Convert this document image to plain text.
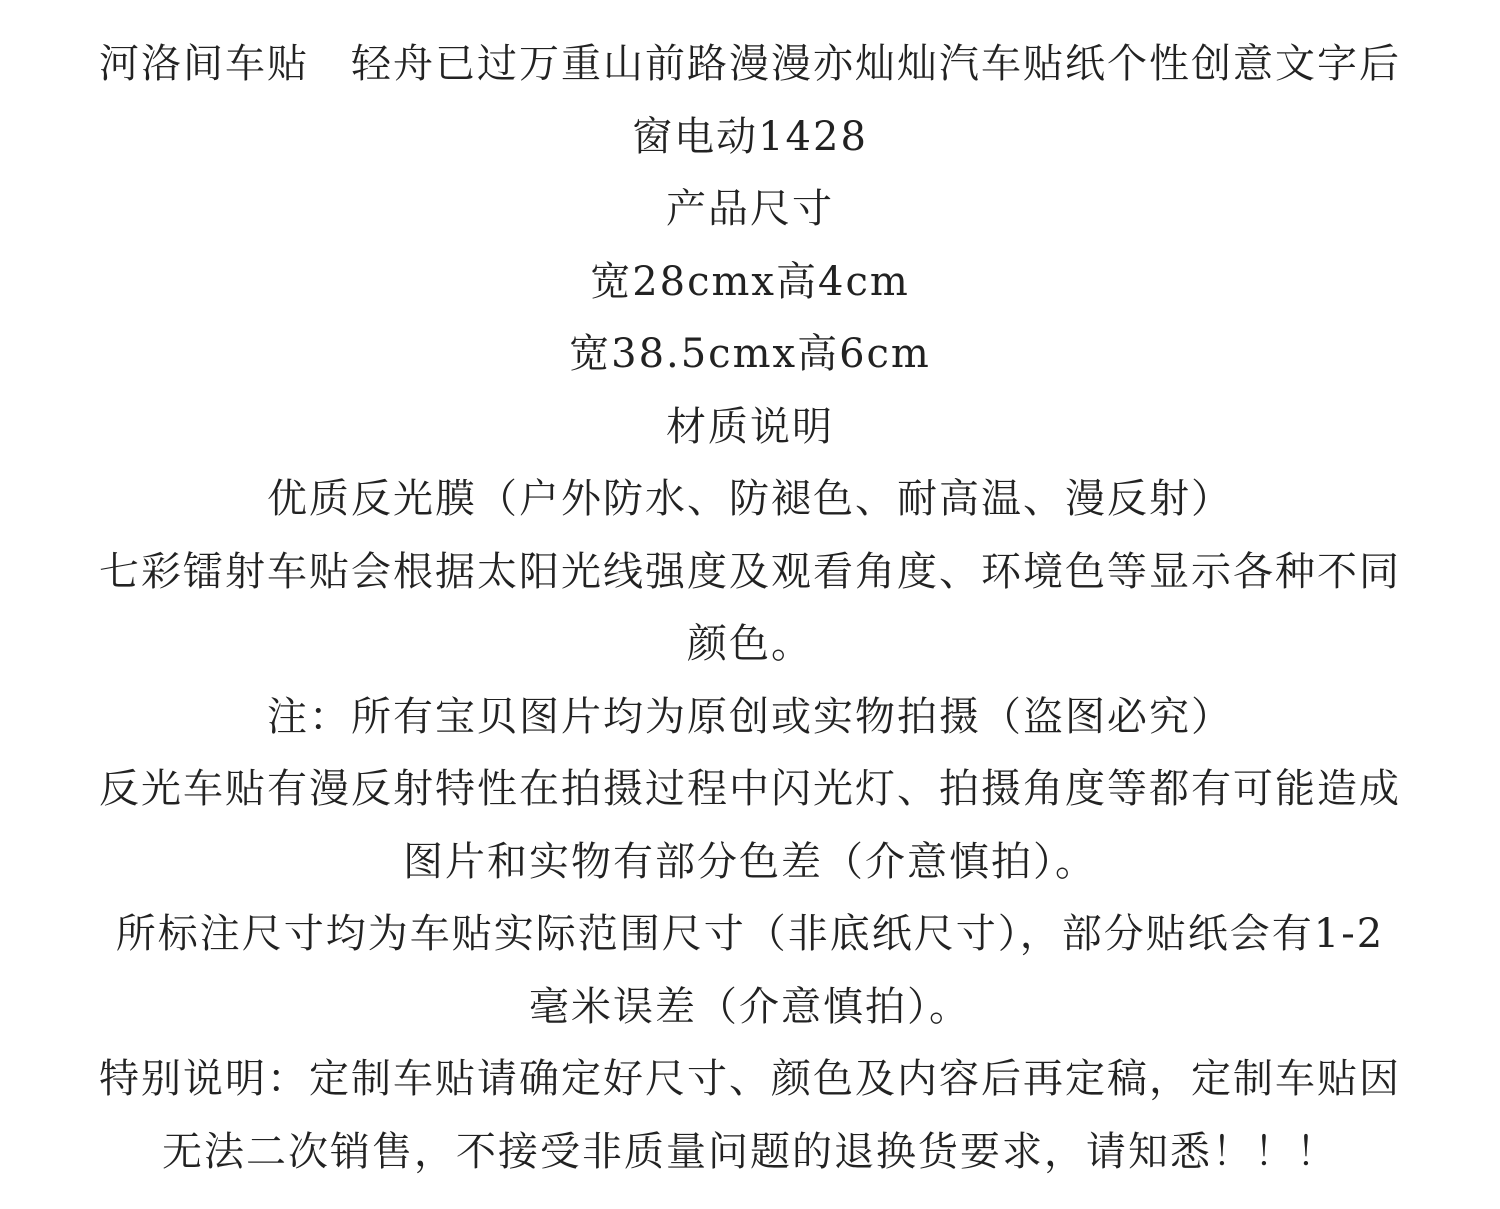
河洛间车贴　轻舟已过万重山前路漫漫亦灿灿汽车贴纸个性创意文字后
窗电动1428
产品尺寸
宽28cmx高4cm
宽38.5cmx高6cm
材质说明
优质反光膜（户外防水、防褪色、耐高温、漫反射）
七彩镭射车贴会根据太阳光线强度及观看角度、环境色等显示各种不同
颜色。
注：所有宝贝图片均为原创或实物拍摄（盗图必究）
反光车贴有漫反射特性在拍摄过程中闪光灯、拍摄角度等都有可能造成
图片和实物有部分色差（介意慎拍）。
所标注尺寸均为车贴实际范围尺寸（非底纸尺寸），部分贴纸会有1-2
毫米误差（介意慎拍）。
特别说明：定制车贴请确定好尺寸、颜色及内容后再定稿，定制车贴因
无法二次销售，不接受非质量问题的退换货要求，请知悉！！！
